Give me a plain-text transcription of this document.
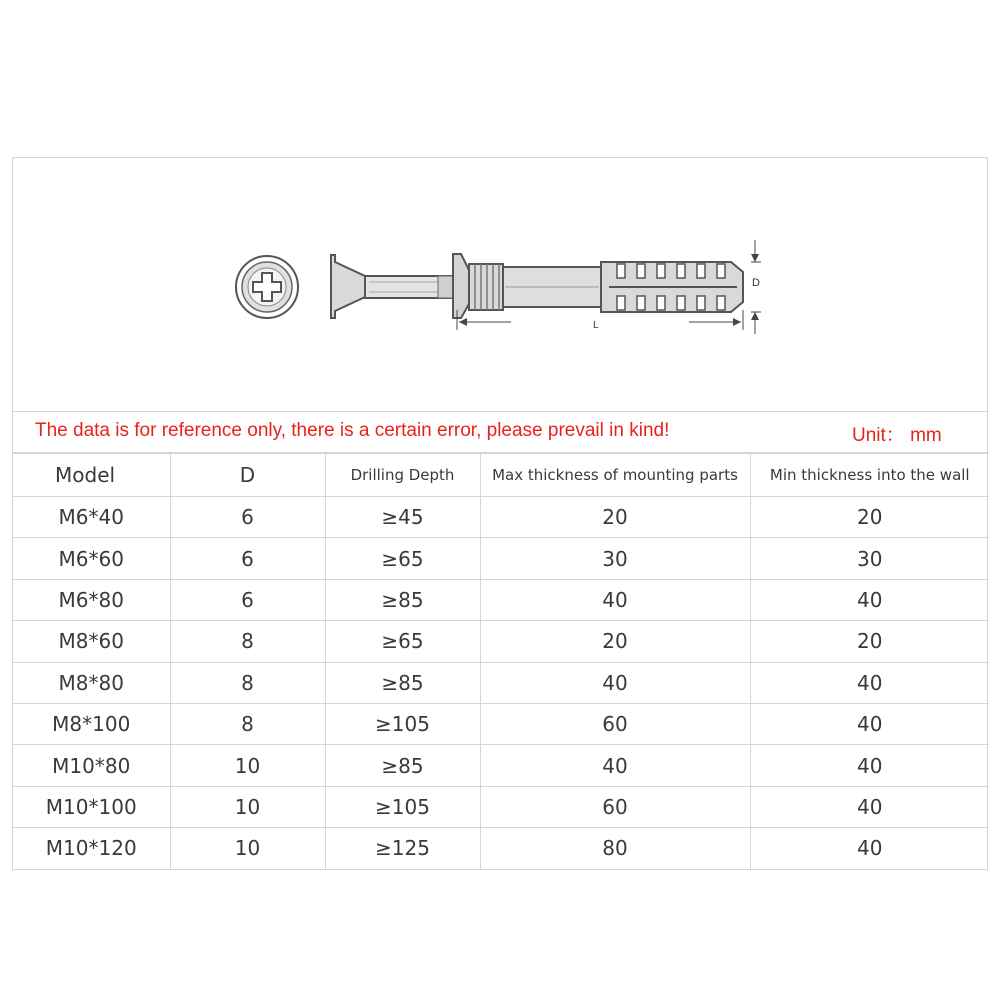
D
L
The data is for reference only, there is a certain error, please prevail in kind!	Unit： mm
Model	D	Drilling Depth	Max thickness of mounting parts	Min thickness into the wall
M6*40	6	≥45	20	20
M6*60	6	≥65	30	30
M6*80	6	≥85	40	40
M8*60	8	≥65	20	20
M8*80	8	≥85	40	40
M8*100	8	≥105	60	40
M10*80	10	≥85	40	40
M10*100	10	≥105	60	40
M10*120	10	≥125	80	40
